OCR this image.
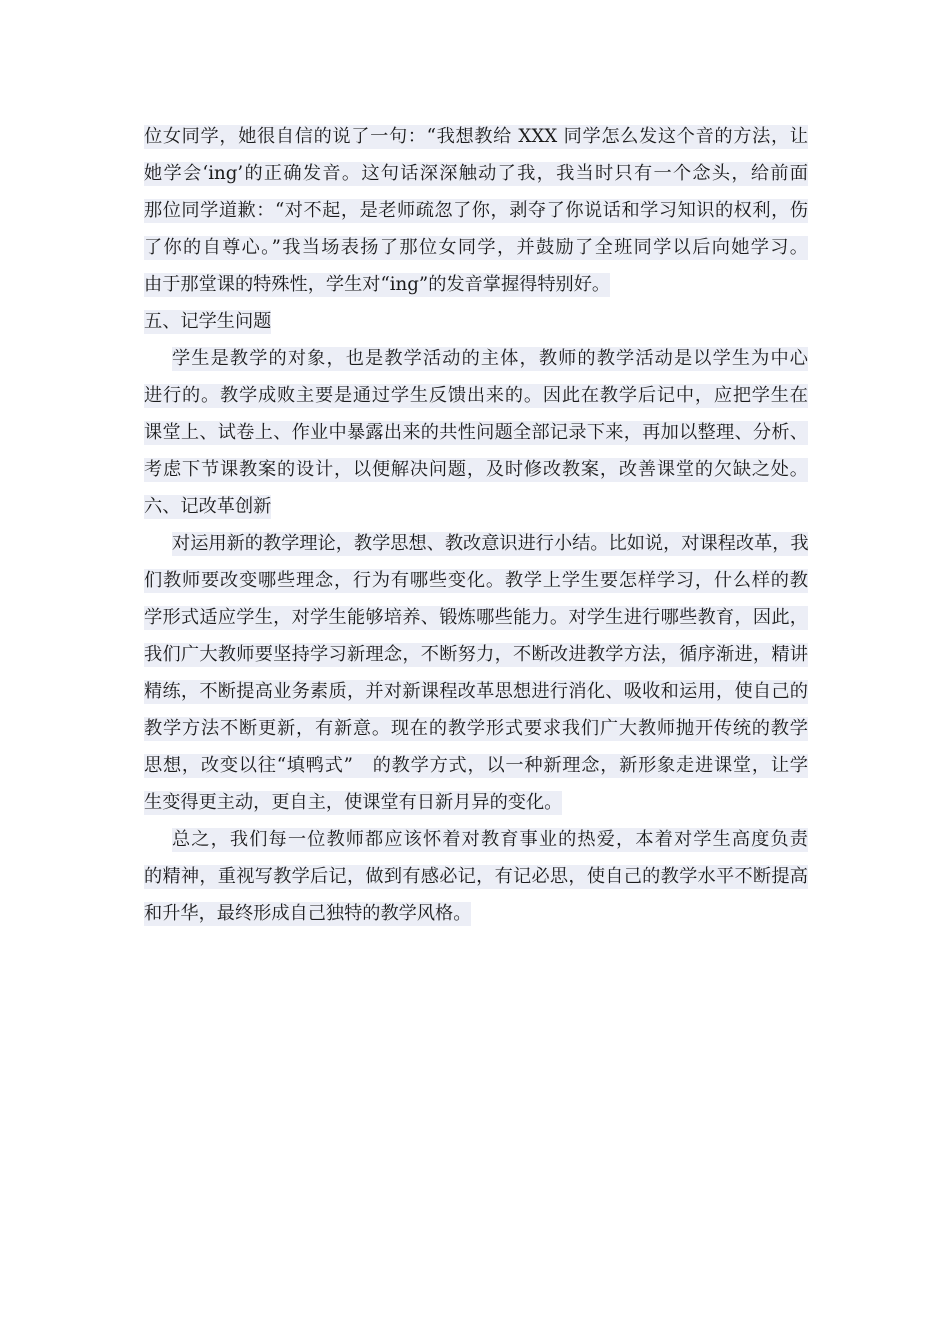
位女同学，她很自信的说了一句：“我想教给 XXX 同学怎么发这个音的方法，让
她学会‘ing’的正确发音。这句话深深触动了我，我当时只有一个念头，给前面
那位同学道歉：“对不起，是老师疏忽了你，剥夺了你说话和学习知识的权利，伤
了你的自尊心。”我当场表扬了那位女同学，并鼓励了全班同学以后向她学习。
由于那堂课的特殊性，学生对“ing”的发音掌握得特别好。
五、记学生问题
学生是教学的对象，也是教学活动的主体，教师的教学活动是以学生为中心
进行的。教学成败主要是通过学生反馈出来的。因此在教学后记中，应把学生在
课堂上、试卷上、作业中暴露出来的共性问题全部记录下来，再加以整理、分析、
考虑下节课教案的设计，以便解决问题，及时修改教案，改善课堂的欠缺之处。
六、记改革创新
对运用新的教学理论，教学思想、教改意识进行小结。比如说，对课程改革，我
们教师要改变哪些理念，行为有哪些变化。教学上学生要怎样学习，什么样的教
学形式适应学生，对学生能够培养、锻炼哪些能力。对学生进行哪些教育，因此，
我们广大教师要坚持学习新理念，不断努力，不断改进教学方法，循序渐进，精讲
精练，不断提高业务素质，并对新课程改革思想进行消化、吸收和运用，使自己的
教学方法不断更新，有新意。现在的教学形式要求我们广大教师抛开传统的教学
思想，改变以往“填鸭式”　的教学方式，以一种新理念，新形象走进课堂，让学
生变得更主动，更自主，使课堂有日新月异的变化。
总之，我们每一位教师都应该怀着对教育事业的热爱，本着对学生高度负责
的精神，重视写教学后记，做到有感必记，有记必思，使自己的教学水平不断提高
和升华，最终形成自己独特的教学风格。
